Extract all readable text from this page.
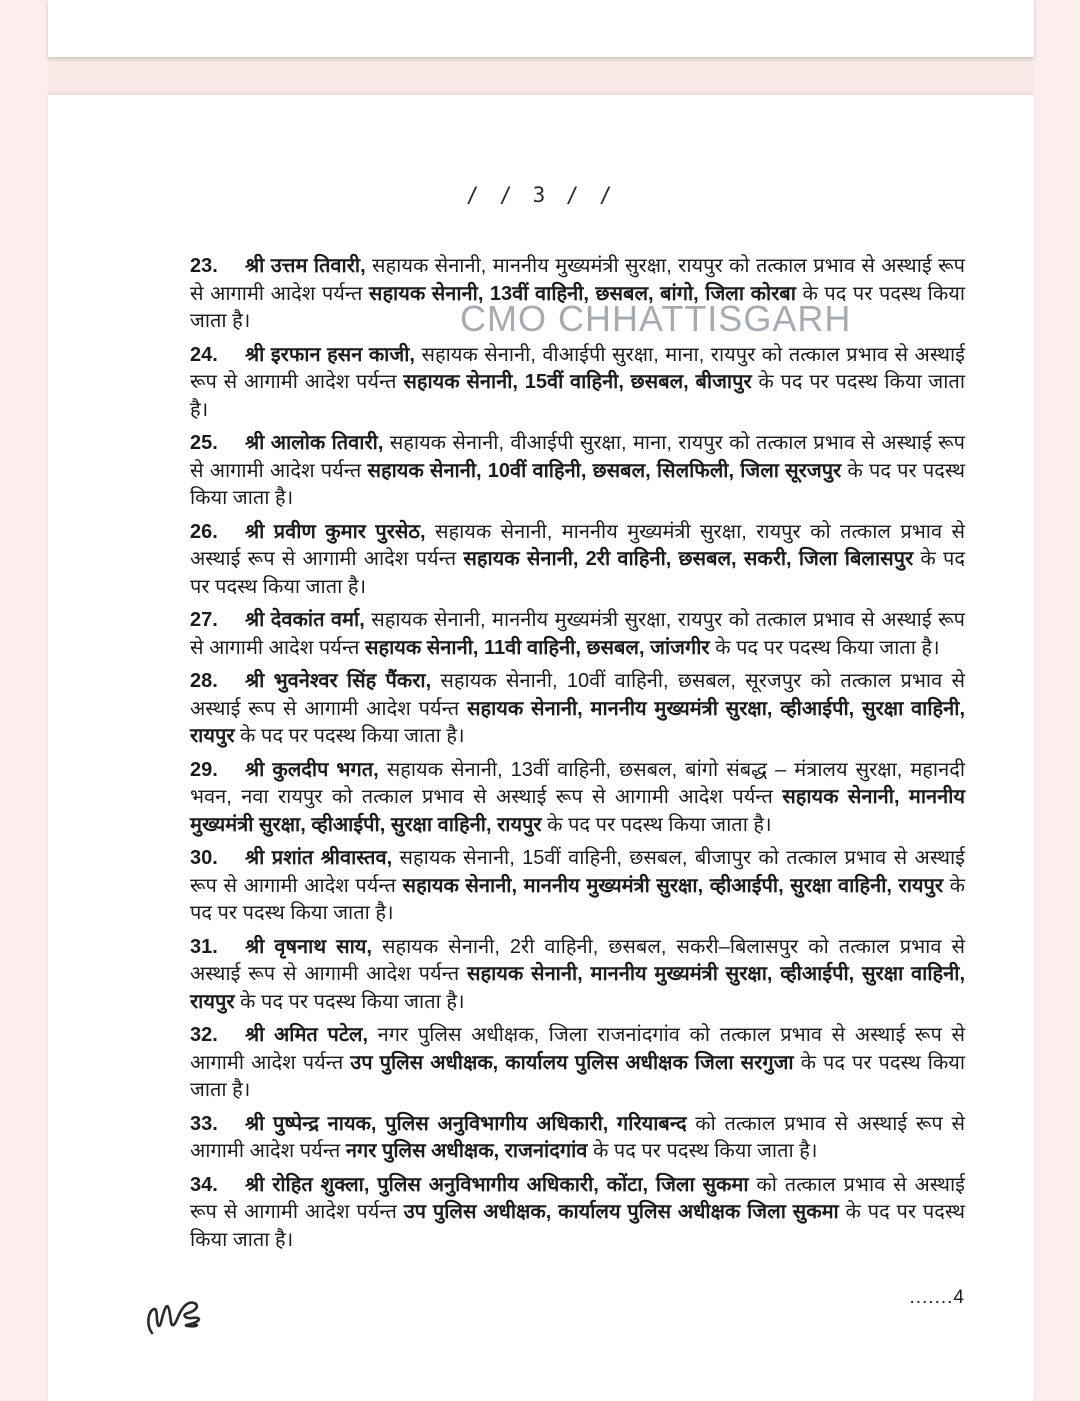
/ / 3 / /
CMO CHHATTISGARH

23. श्री उत्तम तिवारी, सहायक सेनानी, माननीय मुख्यमंत्री सुरक्षा, रायपुर को तत्काल प्रभाव से अस्थाई रूप से आगामी आदेश पर्यन्त सहायक सेनानी, 13वीं वाहिनी, छसबल, बांगो, जिला कोरबा के पद पर पदस्थ किया जाता है।

24. श्री इरफान हसन काजी, सहायक सेनानी, वीआईपी सुरक्षा, माना, रायपुर को तत्काल प्रभाव से अस्थाई रूप से आगामी आदेश पर्यन्त सहायक सेनानी, 15वीं वाहिनी, छसबल, बीजापुर के पद पर पदस्थ किया जाता है।

25. श्री आलोक तिवारी, सहायक सेनानी, वीआईपी सुरक्षा, माना, रायपुर को तत्काल प्रभाव से अस्थाई रूप से आगामी आदेश पर्यन्त सहायक सेनानी, 10वीं वाहिनी, छसबल, सिलफिली, जिला सूरजपुर के पद पर पदस्थ किया जाता है।

26. श्री प्रवीण कुमार पुरसेठ, सहायक सेनानी, माननीय मुख्यमंत्री सुरक्षा, रायपुर को तत्काल प्रभाव से अस्थाई रूप से आगामी आदेश पर्यन्त सहायक सेनानी, 2री वाहिनी, छसबल, सकरी, जिला बिलासपुर के पद पर पदस्थ किया जाता है।

27. श्री देवकांत वर्मा, सहायक सेनानी, माननीय मुख्यमंत्री सुरक्षा, रायपुर को तत्काल प्रभाव से अस्थाई रूप से आगामी आदेश पर्यन्त सहायक सेनानी, 11वी वाहिनी, छसबल, जांजगीर के पद पर पदस्थ किया जाता है।

28. श्री भुवनेश्वर सिंह पैंकरा, सहायक सेनानी, 10वीं वाहिनी, छसबल, सूरजपुर को तत्काल प्रभाव से अस्थाई रूप से आगामी आदेश पर्यन्त सहायक सेनानी, माननीय मुख्यमंत्री सुरक्षा, व्हीआईपी, सुरक्षा वाहिनी, रायपुर के पद पर पदस्थ किया जाता है।

29. श्री कुलदीप भगत, सहायक सेनानी, 13वीं वाहिनी, छसबल, बांगो संबद्ध – मंत्रालय सुरक्षा, महानदी भवन, नवा रायपुर को तत्काल प्रभाव से अस्थाई रूप से आगामी आदेश पर्यन्त सहायक सेनानी, माननीय मुख्यमंत्री सुरक्षा, व्हीआईपी, सुरक्षा वाहिनी, रायपुर के पद पर पदस्थ किया जाता है।

30. श्री प्रशांत श्रीवास्तव, सहायक सेनानी, 15वीं वाहिनी, छसबल, बीजापुर को तत्काल प्रभाव से अस्थाई रूप से आगामी आदेश पर्यन्त सहायक सेनानी, माननीय मुख्यमंत्री सुरक्षा, व्हीआईपी, सुरक्षा वाहिनी, रायपुर के पद पर पदस्थ किया जाता है।

31. श्री वृषनाथ साय, सहायक सेनानी, 2री वाहिनी, छसबल, सकरी–बिलासपुर को तत्काल प्रभाव से अस्थाई रूप से आगामी आदेश पर्यन्त सहायक सेनानी, माननीय मुख्यमंत्री सुरक्षा, व्हीआईपी, सुरक्षा वाहिनी, रायपुर के पद पर पदस्थ किया जाता है।

32. श्री अमित पटेल, नगर पुलिस अधीक्षक, जिला राजनांदगांव को तत्काल प्रभाव से अस्थाई रूप से आगामी आदेश पर्यन्त उप पुलिस अधीक्षक, कार्यालय पुलिस अधीक्षक जिला सरगुजा के पद पर पदस्थ किया जाता है।

33. श्री पुष्पेन्द्र नायक, पुलिस अनुविभागीय अधिकारी, गरियाबन्द को तत्काल प्रभाव से अस्थाई रूप से आगामी आदेश पर्यन्त नगर पुलिस अधीक्षक, राजनांदगांव के पद पर पदस्थ किया जाता है।

34. श्री रोहित शुक्ला, पुलिस अनुविभागीय अधिकारी, कोंटा, जिला सुकमा को तत्काल प्रभाव से अस्थाई रूप से आगामी आदेश पर्यन्त उप पुलिस अधीक्षक, कार्यालय पुलिस अधीक्षक जिला सुकमा के पद पर पदस्थ किया जाता है।

.......4
